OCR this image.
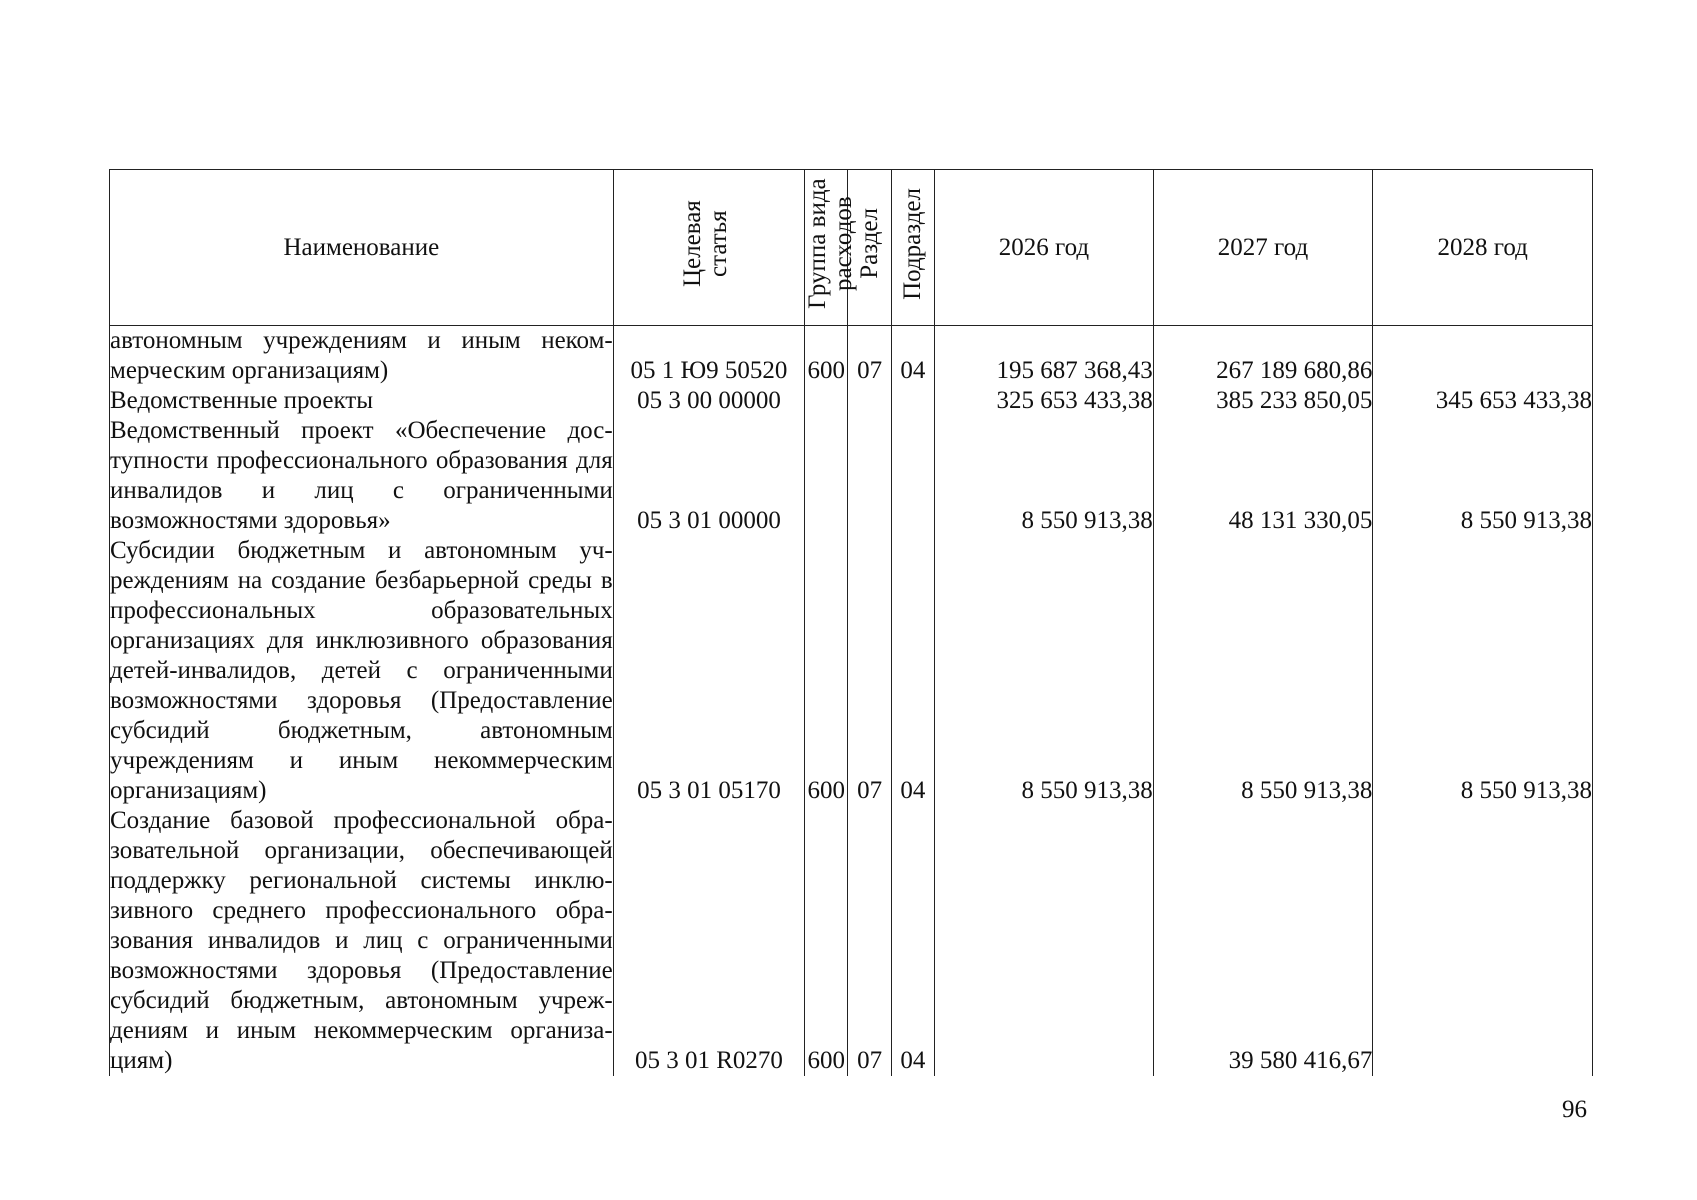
Наименование	Целевая статья	Группа вида расходов	Раздел	Подраздел	2026 год	2027 год	2028 год
автономным учреждениям и иным некоммерческим организациям)	05 1 Ю9 50520	600	07	04	195 687 368,43	267 189 680,86	
Ведомственные проекты	05 3 00 00000				325 653 433,38	385 233 850,05	345 653 433,38
Ведомственный проект «Обеспечение доступности профессионального образования для инвалидов и лиц с ограниченными возможностями здоровья»	05 3 01 00000				8 550 913,38	48 131 330,05	8 550 913,38
Субсидии бюджетным и автономным учреждениям на создание безбарьерной среды в профессиональных образовательных организациях для инклюзивного образования детей-инвалидов, детей с ограниченными возможностями здоровья (Предоставление субсидий бюджетным, автономным учреждениям и иным некоммерческим организациям)	05 3 01 05170	600	07	04	8 550 913,38	8 550 913,38	8 550 913,38
Создание базовой профессиональной образовательной организации, обеспечивающей поддержку региональной системы инклюзивного среднего профессионального образования инвалидов и лиц с ограниченными возможностями здоровья (Предоставление субсидий бюджетным, автономным учреждениям и иным некоммерческим организациям)	05 3 01 R0270	600	07	04		39 580 416,67	
96
